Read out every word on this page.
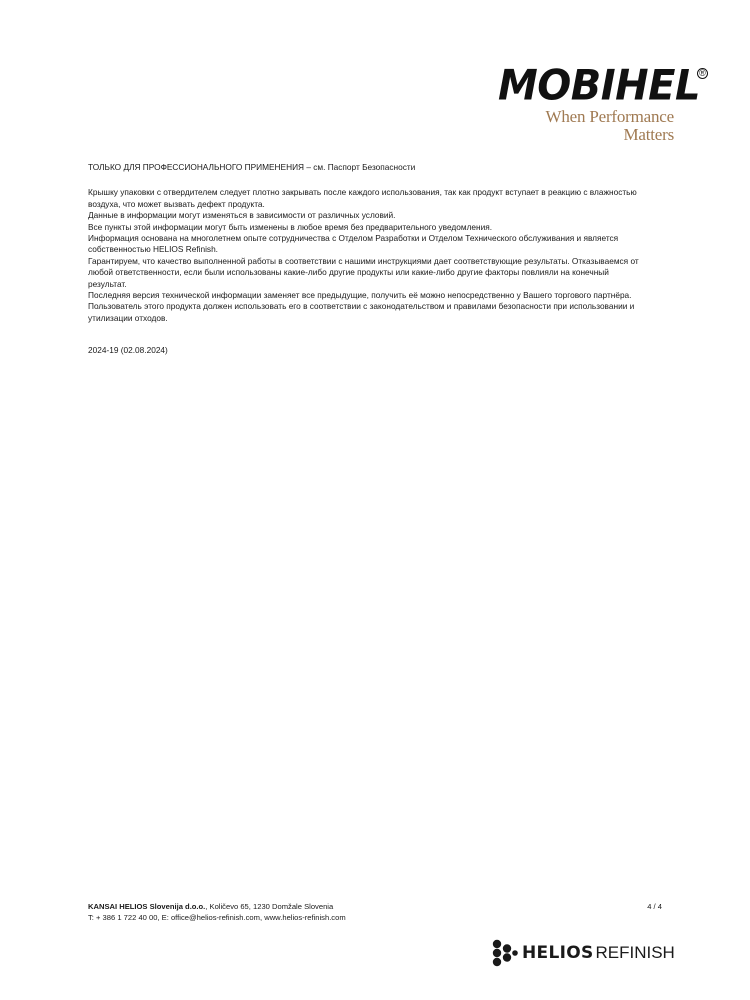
MOBIHEL ®
When Performance Matters

ТОЛЬКО ДЛЯ ПРОФЕССИОНАЛЬНОГО ПРИМЕНЕНИЯ – см. Паспорт Безопасности

Крышку упаковки с отвердителем следует плотно закрывать после каждого использования, так как продукт вступает в реакцию с влажностью воздуха, что может вызвать дефект продукта.

Данные в информации могут изменяться в зависимости от различных условий.

Все пункты этой информации могут быть изменены в любое время без предварительного уведомления.

Информация основана на многолетнем опыте сотрудничества с Отделом Разработки и Отделом Технического обслуживания и является собственностью HELIOS Refinish.

Гарантируем, что качество выполненной работы в соответствии с нашими инструкциями дает соответствующие результаты. Отказываемся от любой ответственности, если были использованы какие-либо другие продукты или какие-либо другие факторы повлияли на конечный результат.

Последняя версия технической информации заменяет все предыдущие, получить её можно непосредственно у Вашего торгового партнёра.

Пользователь этого продукта должен использовать его в соответствии с законодательством и правилами безопасности при использовании и утилизации отходов.

2024-19 (02.08.2024)

KANSAI HELIOS Slovenija d.o.o., Količevo 65, 1230 Domžale Slovenia
T: + 386 1 722 40 00, E: office@helios-refinish.com, www.helios-refinish.com
4 / 4
HELIOS REFINISH
